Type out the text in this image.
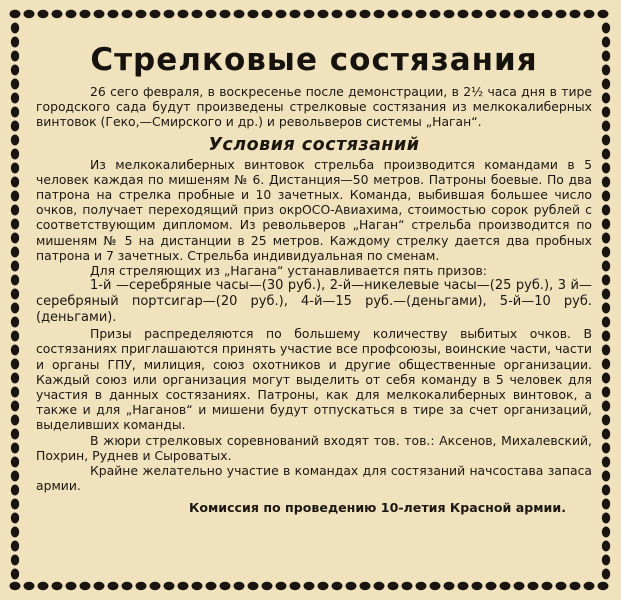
Стрелковые состязания

26 сего февраля, в воскресенье после демонстрации, в 2½ часа дня в тире городского сада будут произведены стрелковые состязания из мелкокалиберных винтовок (Геко,—Смирского и др.) и револьверов системы „Наган“.

Условия состязаний

Из мелкокалиберных винтовок стрельба производится командами в 5 человек каждая по мишеням № 6. Дистанция—50 метров. Патроны боевые. По два патрона на стрелка пробные и 10 зачетных. Команда, выбившая большее число очков, получает переходящий приз окрОСО-Авиахима, стоимостью сорок рублей с соответствующим дипломом. Из револьверов „Наган“ стрельба производится по мишеням № 5 на дистанции в 25 метров. Каждому стрелку дается два пробных патрона и 7 зачетных. Стрельба индивидуальная по сменам.

Для стреляющих из „Нагана“ устанавливается пять призов:

1-й —серебряные часы—(30 руб.), 2-й—никелевые часы—(25 руб.), 3 й—серебряный портсигар—(20 руб.), 4-й—15 руб.—(деньгами), 5-й—10 руб. (деньгами).

Призы распределяются по большему количеству выбитых очков. В состязаниях приглашаются принять участие все профсоюзы, воинские части, части и органы ГПУ, милиция, союз охотников и другие общественные организации. Каждый союз или организация могут выделить от себя команду в 5 человек для участия в данных состязаниях. Патроны, как для мелкокалиберных винтовок, а также и для „Наганов“ и мишени будут отпускаться в тире за счет организаций, выделивших команды.

В жюри стрелковых соревнований входят тов. тов.: Аксенов, Михалевский, Похрин, Руднев и Сыроватых.

Крайне желательно участие в командах для состязаний начсостава запаса армии.

Комиссия по проведению 10-летия Красной армии.
